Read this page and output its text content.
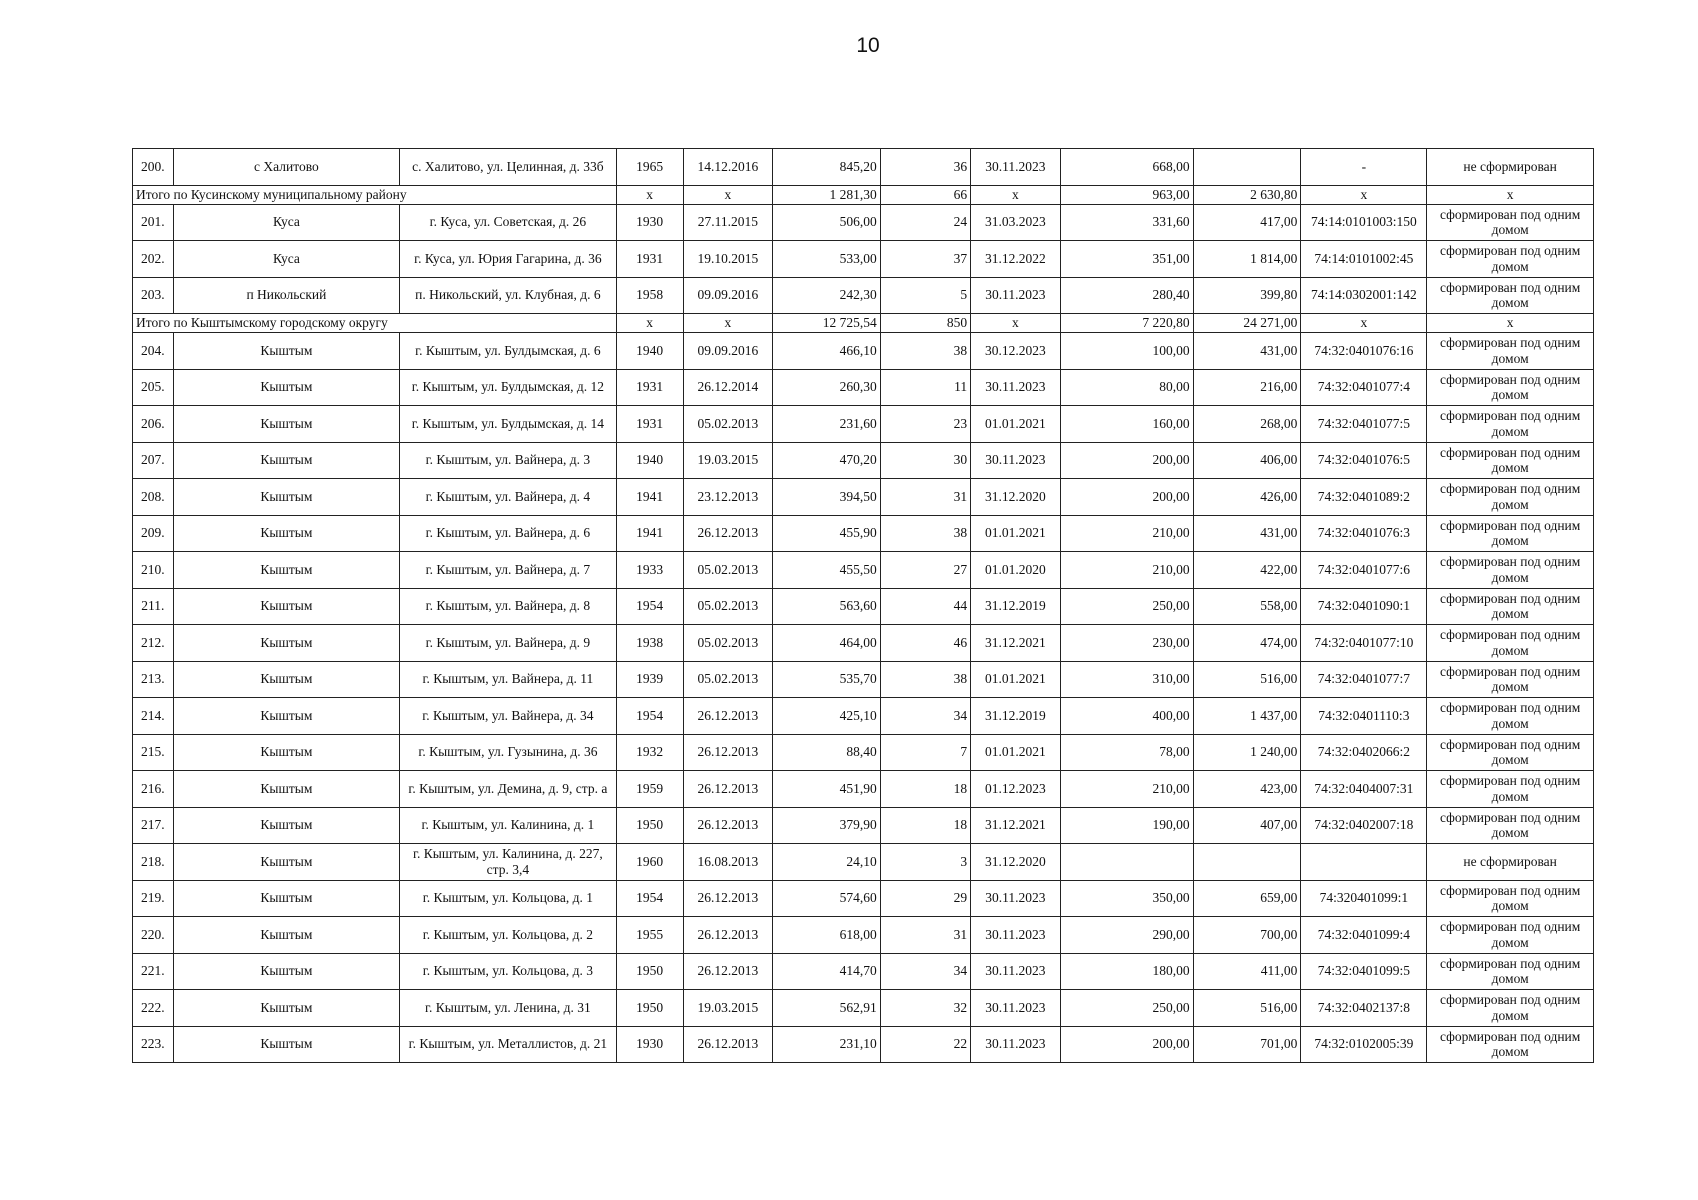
10
200.	с Халитово	с. Халитово, ул. Целинная, д. 33б	1965	14.12.2016	845,20	36	30.11.2023	668,00		-	не сформирован
Итого по Кусинскому муниципальному району			x	x	1 281,30	66	x	963,00	2 630,80	x	x
201.	Куса	г. Куса, ул. Советская, д. 26	1930	27.11.2015	506,00	24	31.03.2023	331,60	417,00	74:14:0101003:150	сформирован под одним домом
202.	Куса	г. Куса, ул. Юрия Гагарина, д. 36	1931	19.10.2015	533,00	37	31.12.2022	351,00	1 814,00	74:14:0101002:45	сформирован под одним домом
203.	п Никольский	п. Никольский, ул. Клубная, д. 6	1958	09.09.2016	242,30	5	30.11.2023	280,40	399,80	74:14:0302001:142	сформирован под одним домом
Итого по Кыштымскому городскому округу			x	x	12 725,54	850	x	7 220,80	24 271,00	x	x
204.	Кыштым	г. Кыштым, ул. Булдымская, д. 6	1940	09.09.2016	466,10	38	30.12.2023	100,00	431,00	74:32:0401076:16	сформирован под одним домом
205.	Кыштым	г. Кыштым, ул. Булдымская, д. 12	1931	26.12.2014	260,30	11	30.11.2023	80,00	216,00	74:32:0401077:4	сформирован под одним домом
206.	Кыштым	г. Кыштым, ул. Булдымская, д. 14	1931	05.02.2013	231,60	23	01.01.2021	160,00	268,00	74:32:0401077:5	сформирован под одним домом
207.	Кыштым	г. Кыштым, ул. Вайнера, д. 3	1940	19.03.2015	470,20	30	30.11.2023	200,00	406,00	74:32:0401076:5	сформирован под одним домом
208.	Кыштым	г. Кыштым, ул. Вайнера, д. 4	1941	23.12.2013	394,50	31	31.12.2020	200,00	426,00	74:32:0401089:2	сформирован под одним домом
209.	Кыштым	г. Кыштым, ул. Вайнера, д. 6	1941	26.12.2013	455,90	38	01.01.2021	210,00	431,00	74:32:0401076:3	сформирован под одним домом
210.	Кыштым	г. Кыштым, ул. Вайнера, д. 7	1933	05.02.2013	455,50	27	01.01.2020	210,00	422,00	74:32:0401077:6	сформирован под одним домом
211.	Кыштым	г. Кыштым, ул. Вайнера, д. 8	1954	05.02.2013	563,60	44	31.12.2019	250,00	558,00	74:32:0401090:1	сформирован под одним домом
212.	Кыштым	г. Кыштым, ул. Вайнера, д. 9	1938	05.02.2013	464,00	46	31.12.2021	230,00	474,00	74:32:0401077:10	сформирован под одним домом
213.	Кыштым	г. Кыштым, ул. Вайнера, д. 11	1939	05.02.2013	535,70	38	01.01.2021	310,00	516,00	74:32:0401077:7	сформирован под одним домом
214.	Кыштым	г. Кыштым, ул. Вайнера, д. 34	1954	26.12.2013	425,10	34	31.12.2019	400,00	1 437,00	74:32:0401110:3	сформирован под одним домом
215.	Кыштым	г. Кыштым, ул. Гузынина, д. 36	1932	26.12.2013	88,40	7	01.01.2021	78,00	1 240,00	74:32:0402066:2	сформирован под одним домом
216.	Кыштым	г. Кыштым, ул. Демина, д. 9, стр. а	1959	26.12.2013	451,90	18	01.12.2023	210,00	423,00	74:32:0404007:31	сформирован под одним домом
217.	Кыштым	г. Кыштым, ул. Калинина, д. 1	1950	26.12.2013	379,90	18	31.12.2021	190,00	407,00	74:32:0402007:18	сформирован под одним домом
218.	Кыштым	г. Кыштым, ул. Калинина, д. 227, стр. 3,4	1960	16.08.2013	24,10	3	31.12.2020				не сформирован
219.	Кыштым	г. Кыштым, ул. Кольцова, д. 1	1954	26.12.2013	574,60	29	30.11.2023	350,00	659,00	74:320401099:1	сформирован под одним домом
220.	Кыштым	г. Кыштым, ул. Кольцова, д. 2	1955	26.12.2013	618,00	31	30.11.2023	290,00	700,00	74:32:0401099:4	сформирован под одним домом
221.	Кыштым	г. Кыштым, ул. Кольцова, д. 3	1950	26.12.2013	414,70	34	30.11.2023	180,00	411,00	74:32:0401099:5	сформирован под одним домом
222.	Кыштым	г. Кыштым, ул. Ленина, д. 31	1950	19.03.2015	562,91	32	30.11.2023	250,00	516,00	74:32:0402137:8	сформирован под одним домом
223.	Кыштым	г. Кыштым, ул. Металлистов, д. 21	1930	26.12.2013	231,10	22	30.11.2023	200,00	701,00	74:32:0102005:39	сформирован под одним домом
